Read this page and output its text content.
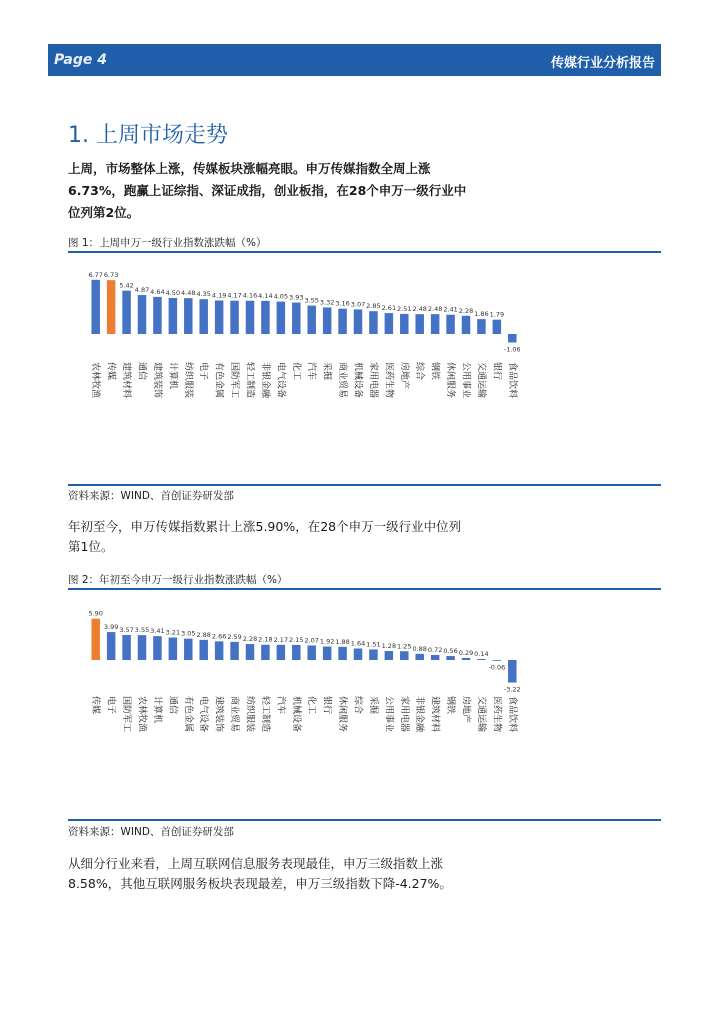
Page 4	传媒行业分析报告
1. 上周市场走势
上周，市场整体上涨，传媒板块涨幅亮眼。申万传媒指数全周上涨6.73%，跑赢上证综指、深证成指，创业板指，在28个申万一级行业中位列第2位。
图 1：上周申万一级行业指数涨跌幅（%）
6.77
农林牧渔
6.73
传媒
5.42
建筑材料
4.87
通信
4.64
建筑装饰
4.50
计算机
4.48
纺织服装
4.35
电子
4.19
有色金属
4.17
国防军工
4.16
轻工制造
4.14
非银金融
4.05
电气设备
3.93
化工
3.55
汽车
3.32
采掘
3.16
商业贸易
3.07
机械设备
2.85
家用电器
2.61
医药生物
2.51
房地产
2.48
综合
2.48
钢铁
2.41
休闲服务
2.28
公用事业
1.86
交通运输
1.79
银行
-1.06
食品饮料
资料来源：WIND、首创证券研发部
年初至今，申万传媒指数累计上涨5.90%，在28个申万一级行业中位列第1位。
图 2：年初至今申万一级行业指数涨跌幅（%）
5.90
传媒
3.99
电子
3.57
国防军工
3.55
农林牧渔
3.41
计算机
3.21
通信
3.05
有色金属
2.88
电气设备
2.66
建筑装饰
2.59
商业贸易
2.28
纺织服装
2.18
轻工制造
2.17
汽车
2.15
机械设备
2.07
化工
1.92
银行
1.88
休闲服务
1.64
综合
1.51
采掘
1.28
公用事业
1.25
家用电器
0.88
非银金融
0.72
建筑材料
0.56
钢铁
0.29
房地产
0.14
交通运输
-0.06
医药生物
-3.22
食品饮料
资料来源：WIND、首创证券研发部
从细分行业来看，上周互联网信息服务表现最佳，申万三级指数上涨8.58%，其他互联网服务板块表现最差，申万三级指数下降-4.27%。
